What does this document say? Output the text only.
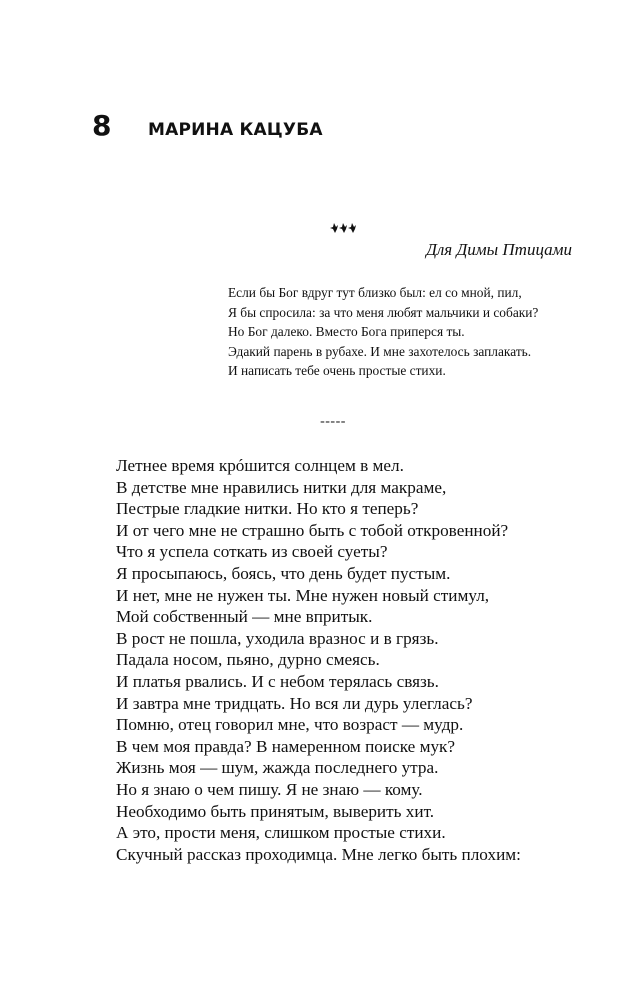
8	МАРИНА КАЦУБА
Для Димы Птицами
Если бы Бог вдруг тут близко был: ел со мной, пил,
Я бы спросила: за что меня любят мальчики и собаки?
Но Бог далеко. Вместо Бога приперся ты.
Эдакий парень в рубахе. И мне захотелось заплакать.
И написать тебе очень простые стихи.
-----
Летнее время крóшится солнцем в мел.
В детстве мне нравились нитки для макраме,
Пестрые гладкие нитки. Но кто я теперь?
И от чего мне не страшно быть с тобой откровенной?
Что я успела соткать из своей суеты?
Я просыпаюсь, боясь, что день будет пустым.
И нет, мне не нужен ты. Мне нужен новый стимул,
Мой собственный — мне впритык.
В рост не пошла, уходила вразнос и в грязь.
Падала носом, пьяно, дурно смеясь.
И платья рвались. И с небом терялась связь.
И завтра мне тридцать. Но вся ли дурь улеглась?
Помню, отец говорил мне, что возраст — мудр.
В чем моя правда? В намеренном поиске мук?
Жизнь моя — шум, жажда последнего утра.
Но я знаю о чем пишу. Я не знаю — кому.
Необходимо быть принятым, выверить хит.
А это, прости меня, слишком простые стихи.
Скучный рассказ проходимца. Мне легко быть плохим:
